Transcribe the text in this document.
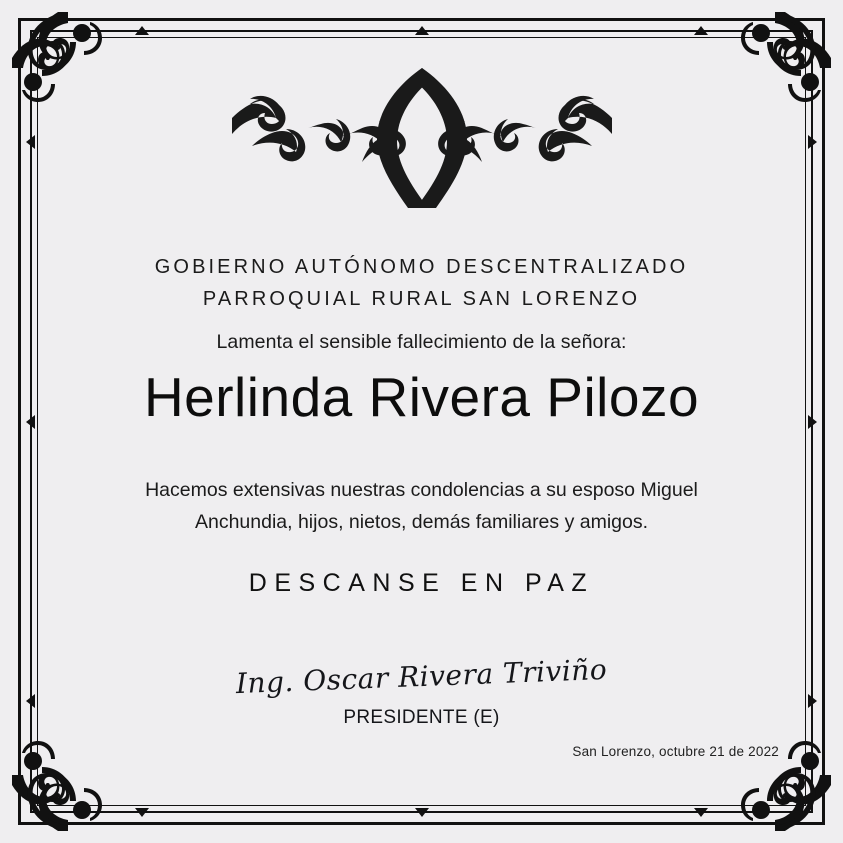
GOBIERNO AUTÓNOMO DESCENTRALIZADO
PARROQUIAL RURAL SAN LORENZO
Lamenta el sensible fallecimiento de la señora:
Herlinda Rivera Pilozo
Hacemos extensivas nuestras condolencias a su esposo Miguel
Anchundia, hijos, nietos, demás familiares y amigos.
DESCANSE EN PAZ
Ing. Oscar Rivera Triviño
PRESIDENTE (E)
San Lorenzo, octubre 21 de 2022
